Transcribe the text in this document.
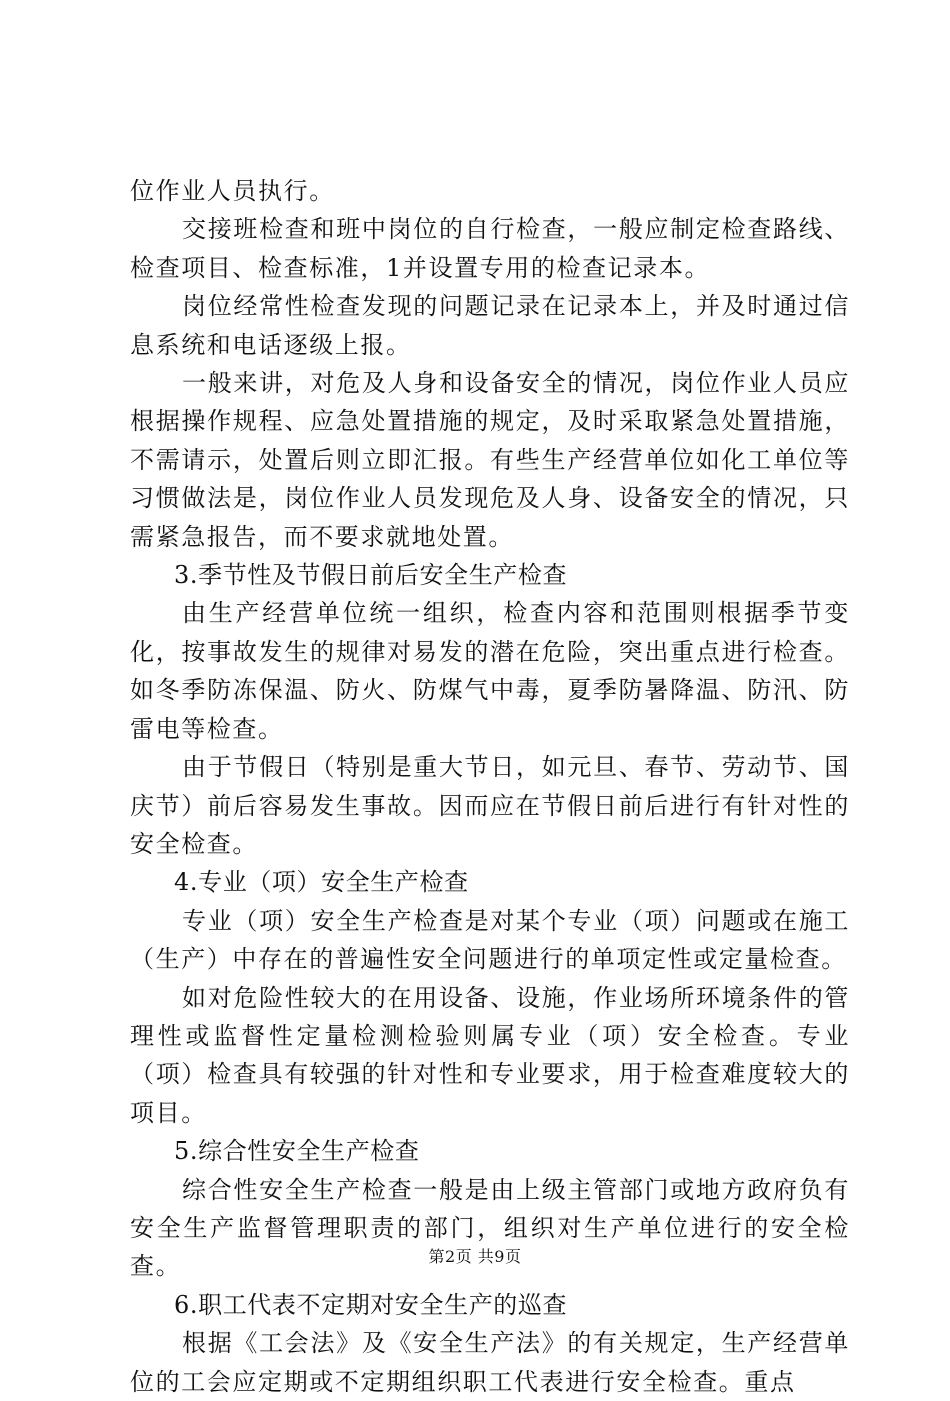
位作业人员执行。

交接班检查和班中岗位的自行检查，一般应制定检查路线、检查项目、检查标准，1并设置专用的检查记录本。

岗位经常性检查发现的问题记录在记录本上，并及时通过信息系统和电话逐级上报。

一般来讲，对危及人身和设备安全的情况，岗位作业人员应根据操作规程、应急处置措施的规定，及时采取紧急处置措施，不需请示，处置后则立即汇报。有些生产经营单位如化工单位等习惯做法是，岗位作业人员发现危及人身、设备安全的情况，只需紧急报告，而不要求就地处置。

3.季节性及节假日前后安全生产检查

由生产经营单位统一组织，检查内容和范围则根据季节变化，按事故发生的规律对易发的潜在危险，突出重点进行检查。如冬季防冻保温、防火、防煤气中毒，夏季防暑降温、防汛、防雷电等检查。

由于节假日（特别是重大节日，如元旦、春节、劳动节、国庆节）前后容易发生事故。因而应在节假日前后进行有针对性的安全检查。

4.专业（项）安全生产检查

专业（项）安全生产检查是对某个专业（项）问题或在施工（生产）中存在的普遍性安全问题进行的单项定性或定量检查。

如对危险性较大的在用设备、设施，作业场所环境条件的管理性或监督性定量检测检验则属专业（项）安全检查。专业（项）检查具有较强的针对性和专业要求，用于检查难度较大的项目。

5.综合性安全生产检查

综合性安全生产检查一般是由上级主管部门或地方政府负有安全生产监督管理职责的部门，组织对生产单位进行的安全检查。

6.职工代表不定期对安全生产的巡查

根据《工会法》及《安全生产法》的有关规定，生产经营单位的工会应定期或不定期组织职工代表进行安全检查。重点

第2页 共9页
